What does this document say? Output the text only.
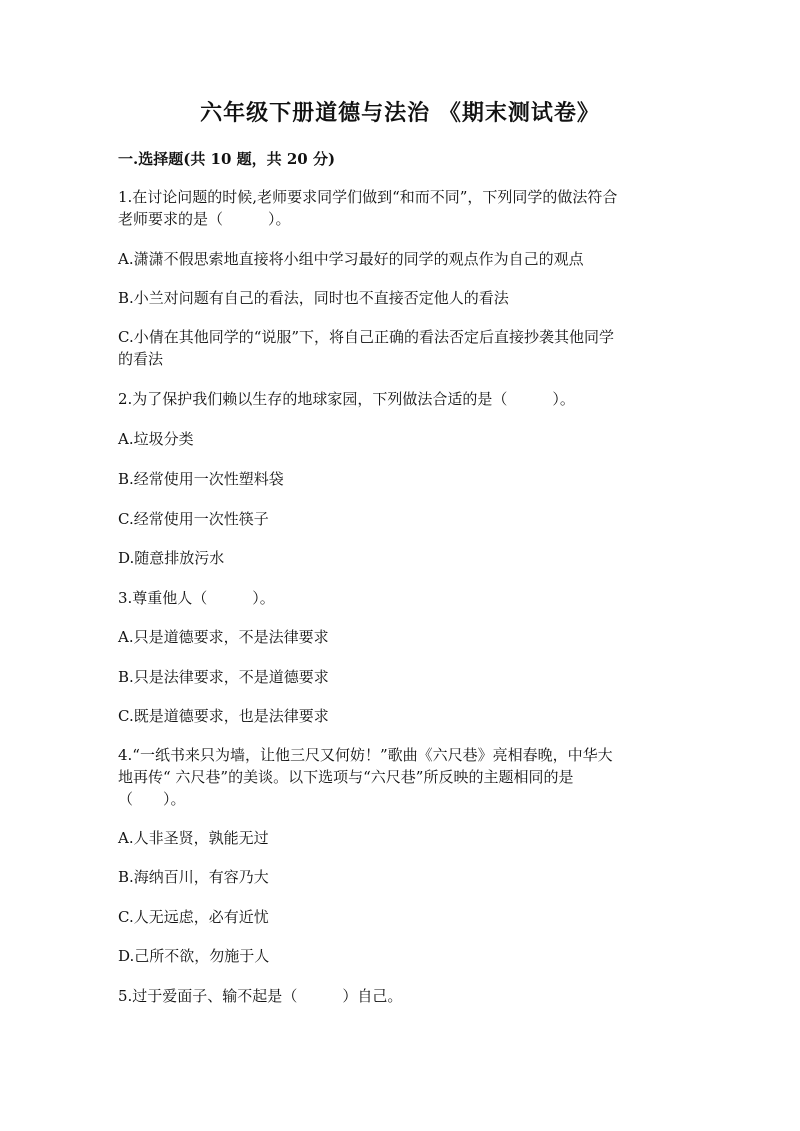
六年级下册道德与法治 《期末测试卷》
一.选择题(共 10 题，共 20 分)
1.在讨论问题的时候,老师要求同学们做到“和而不同”，下列同学的做法符合
老师要求的是（　　　）。
A.潇潇不假思索地直接将小组中学习最好的同学的观点作为自己的观点
B.小兰对问题有自己的看法，同时也不直接否定他人的看法
C.小倩在其他同学的“说服”下，将自己正确的看法否定后直接抄袭其他同学
的看法
2.为了保护我们赖以生存的地球家园，下列做法合适的是（　　　）。
A.垃圾分类
B.经常使用一次性塑料袋
C.经常使用一次性筷子
D.随意排放污水
3.尊重他人（　　　）。
A.只是道德要求，不是法律要求
B.只是法律要求，不是道德要求
C.既是道德要求，也是法律要求
4.“一纸书来只为墙，让他三尺又何妨！”歌曲《六尺巷》亮相春晚，中华大
地再传“ 六尺巷”的美谈。以下选项与“六尺巷”所反映的主题相同的是
（　　）。
A.人非圣贤，孰能无过
B.海纳百川，有容乃大
C.人无远虑，必有近忧
D.己所不欲，勿施于人
5.过于爱面子、输不起是（　　　）自己。
